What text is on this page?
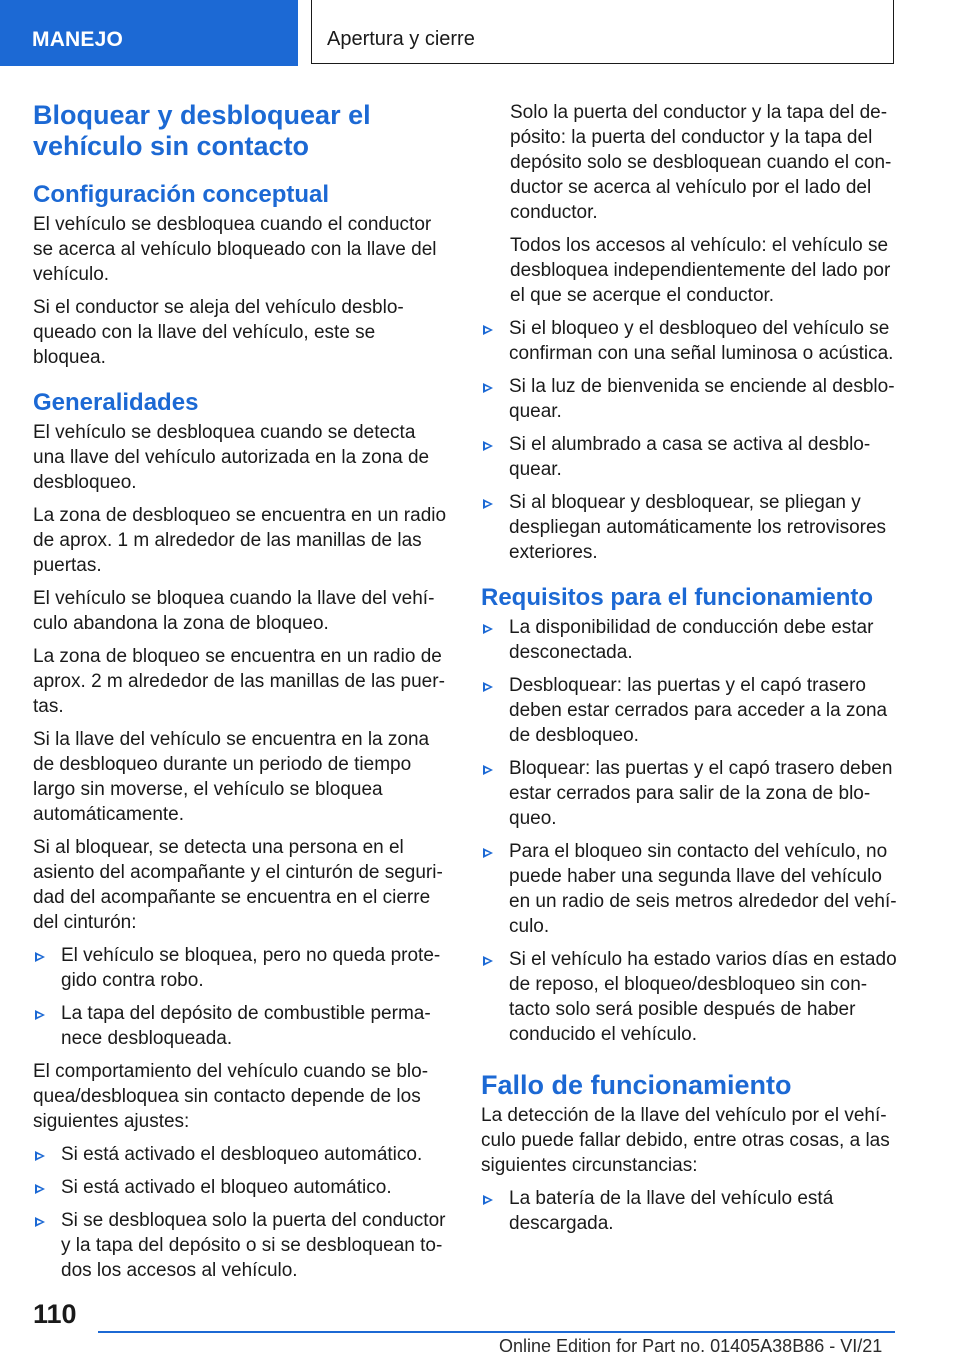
MANEJO	Apertura y cierre
Bloquear y desbloquear el vehículo sin contacto
Configuración conceptual

El vehículo se desbloquea cuando el conductor se acerca al vehículo bloqueado con la llave del vehículo.

Si el conductor se aleja del vehículo desbloqueado con la llave del vehículo, este se bloquea.

Generalidades

El vehículo se desbloquea cuando se detecta una llave del vehículo autorizada en la zona de desbloqueo.

La zona de desbloqueo se encuentra en un radio de aprox. 1 m alrededor de las manillas de las puertas.

El vehículo se bloquea cuando la llave del vehículo abandona la zona de bloqueo.

La zona de bloqueo se encuentra en un radio de aprox. 2 m alrededor de las manillas de las puertas.

Si la llave del vehículo se encuentra en la zona de desbloqueo durante un periodo de tiempo largo sin moverse, el vehículo se bloquea automáticamente.

Si al bloquear, se detecta una persona en el asiento del acompañante y el cinturón de seguridad del acompañante se encuentra en el cierre del cinturón:

El vehículo se bloquea, pero no queda protegido contra robo.
La tapa del depósito de combustible permanece desbloqueada.

El comportamiento del vehículo cuando se bloquea/desbloquea sin contacto depende de los siguientes ajustes:

Si está activado el desbloqueo automático.
Si está activado el bloqueo automático.
Si se desbloquea solo la puerta del conductor y la tapa del depósito o si se desbloquean todos los accesos al vehículo.

Solo la puerta del conductor y la tapa del depósito: la puerta del conductor y la tapa del depósito solo se desbloquean cuando el conductor se acerca al vehículo por el lado del conductor.

Todos los accesos al vehículo: el vehículo se desbloquea independientemente del lado por el que se acerque el conductor.

Si el bloqueo y el desbloqueo del vehículo se confirman con una señal luminosa o acústica.
Si la luz de bienvenida se enciende al desbloquear.
Si el alumbrado a casa se activa al desbloquear.
Si al bloquear y desbloquear, se pliegan y despliegan automáticamente los retrovisores exteriores.
Requisitos para el funcionamiento
La disponibilidad de conducción debe estar desconectada.
Desbloquear: las puertas y el capó trasero deben estar cerrados para acceder a la zona de desbloqueo.
Bloquear: las puertas y el capó trasero deben estar cerrados para salir de la zona de bloqueo.
Para el bloqueo sin contacto del vehículo, no puede haber una segunda llave del vehículo en un radio de seis metros alrededor del vehículo.
Si el vehículo ha estado varios días en estado de reposo, el bloqueo/desbloqueo sin contacto solo será posible después de haber conducido el vehículo.
Fallo de funcionamiento

La detección de la llave del vehículo por el vehículo puede fallar debido, entre otras cosas, a las siguientes circunstancias:

La batería de la llave del vehículo está descargada.
110
Online Edition for Part no. 01405A38B86 - VI/21
